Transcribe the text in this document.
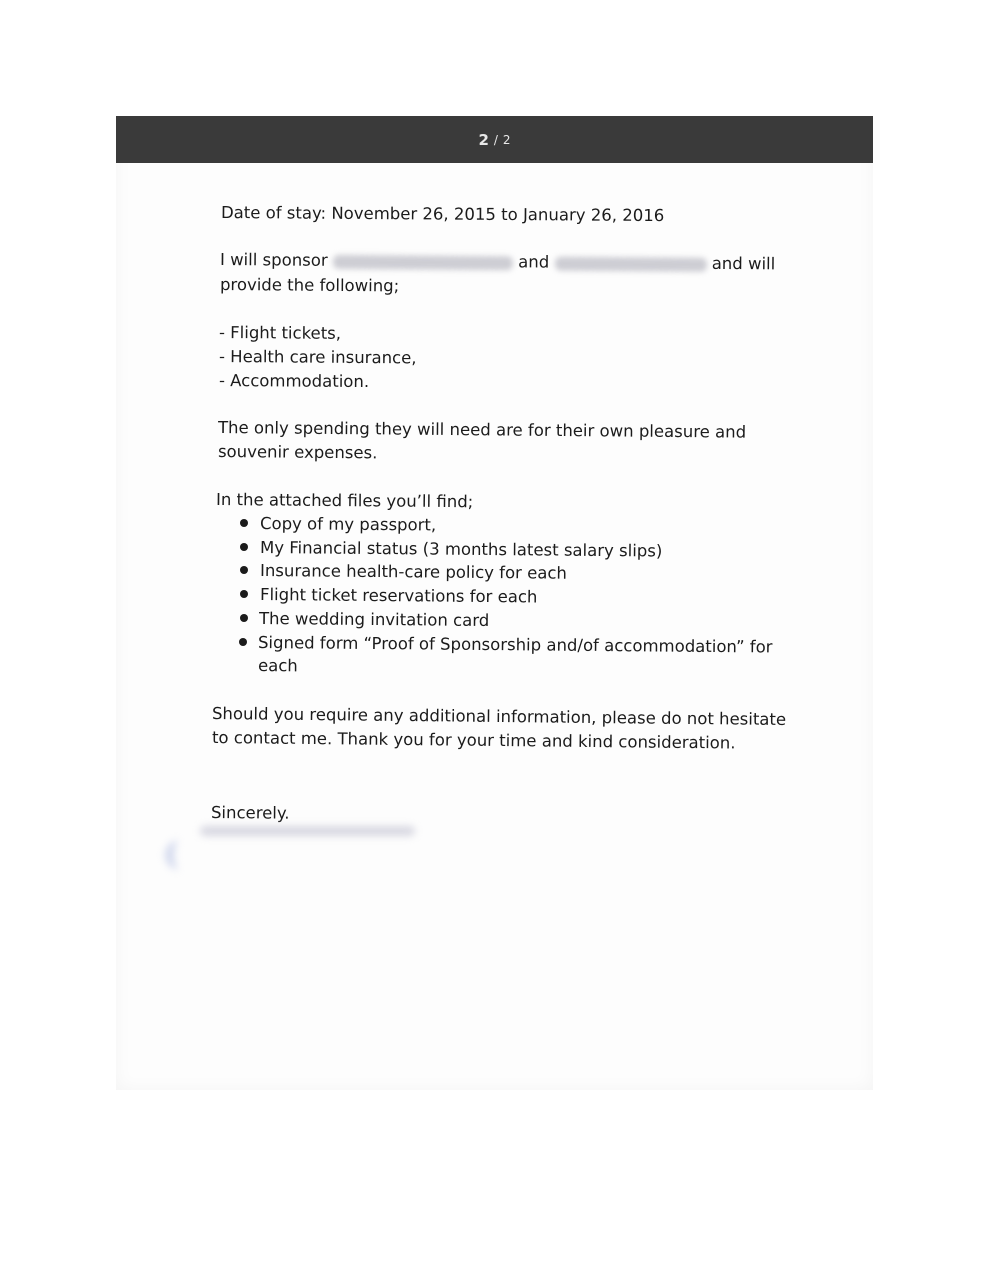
2 / 2
Date of stay: November 26, 2015 to January 26, 2016
I will sponsor	and	and will
provide the following;
- Flight tickets,
- Health care insurance,
- Accommodation.
The only spending they will need are for their own pleasure and
souvenir expenses.
In the attached files you’ll find;
Copy of my passport,
My Financial status (3 months latest salary slips)
Insurance health-care policy for each
Flight ticket reservations for each
The wedding invitation card
Signed form “Proof of Sponsorship and/of accommodation” for
each
Should you require any additional information, please do not hesitate
to contact me. Thank you for your time and kind consideration.
Sincerely.
